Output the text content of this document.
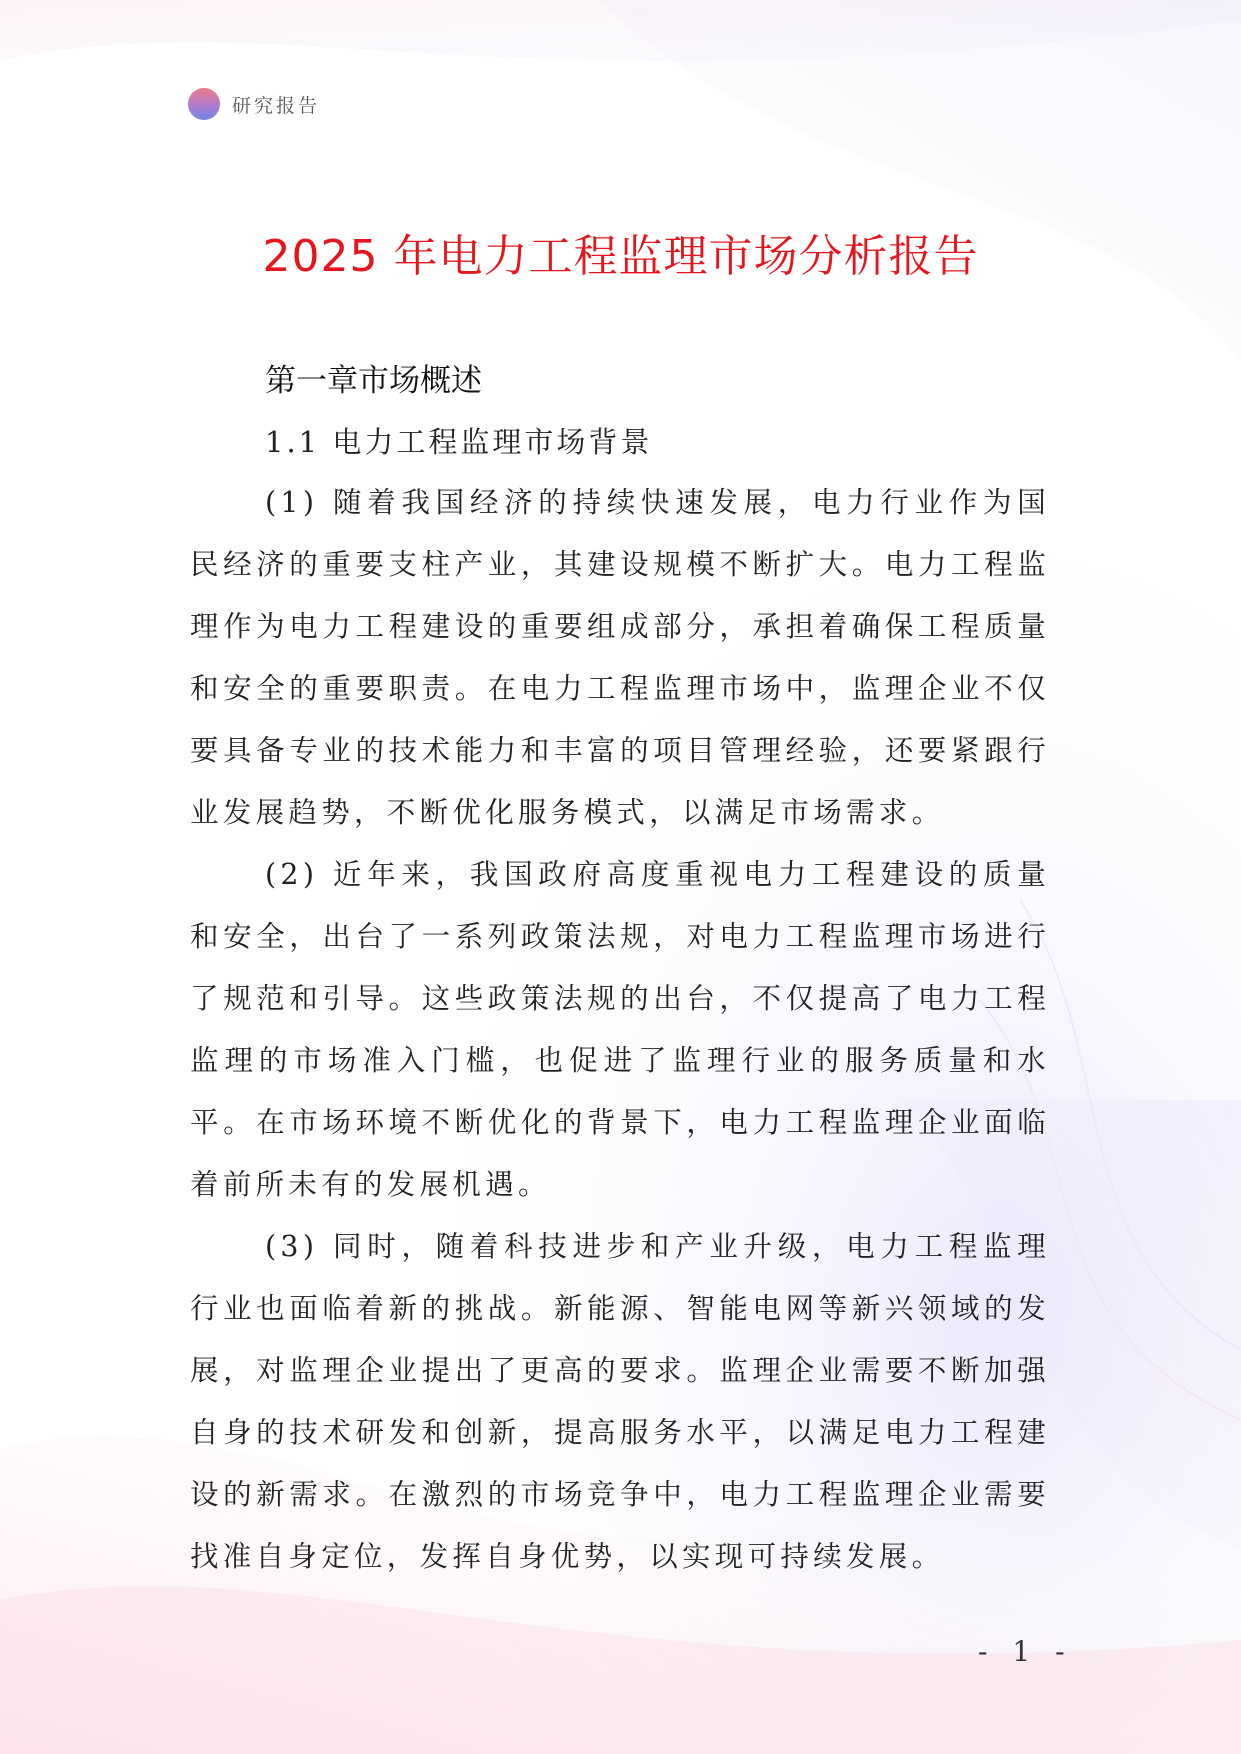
研究报告
2025 年电力工程监理市场分析报告
第一章市场概述
1.1 电力工程监理市场背景

(1) 随着我国经济的持续快速发展，电力行业作为国民经济的重要支柱产业，其建设规模不断扩大。电力工程监理作为电力工程建设的重要组成部分，承担着确保工程质量和安全的重要职责。在电力工程监理市场中，监理企业不仅要具备专业的技术能力和丰富的项目管理经验，还要紧跟行业发展趋势，不断优化服务模式，以满足市场需求。

(2) 近年来，我国政府高度重视电力工程建设的质量和安全，出台了一系列政策法规，对电力工程监理市场进行了规范和引导。这些政策法规的出台，不仅提高了电力工程监理的市场准入门槛，也促进了监理行业的服务质量和水平。在市场环境不断优化的背景下，电力工程监理企业面临着前所未有的发展机遇。

(3) 同时，随着科技进步和产业升级，电力工程监理行业也面临着新的挑战。新能源、智能电网等新兴领域的发展，对监理企业提出了更高的要求。监理企业需要不断加强自身的技术研发和创新，提高服务水平，以满足电力工程建设的新需求。在激烈的市场竞争中，电力工程监理企业需要找准自身定位，发挥自身优势，以实现可持续发展。

- 1 -
